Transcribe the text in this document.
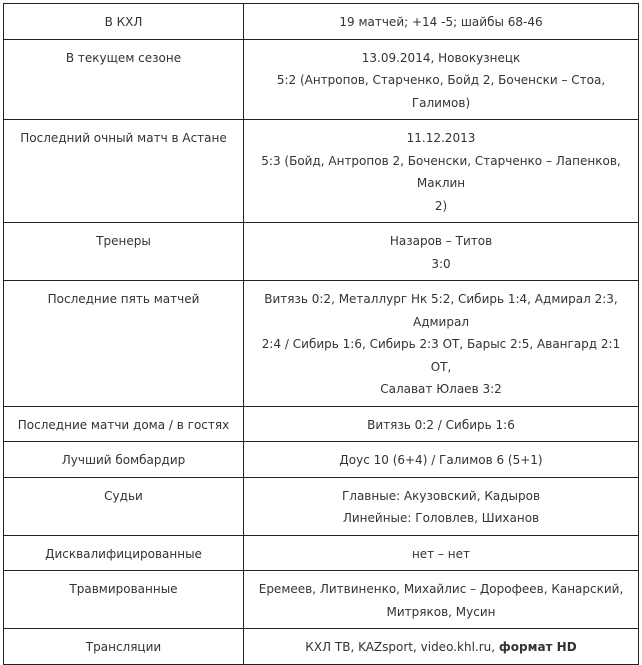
В КХЛ	19 матчей; +14 -5; шайбы 68-46

В текущем сезоне	13.09.2014, Новокузнецк
5:2 (Антропов, Старченко, Бойд 2, Боченски – Стоа, Галимов)

Последний очный матч в Астане	11.12.2013
5:3 (Бойд, Антропов 2, Боченски, Старченко – Лапенков, Маклин
2)

Тренеры	Назаров – Титов
3:0

Последние пять матчей	Витязь 0:2, Металлург Нк 5:2, Сибирь 1:4, Адмирал 2:3, Адмирал
2:4 / Сибирь 1:6, Сибирь 2:3 ОТ, Барыс 2:5, Авангард 2:1 ОТ,
Салават Юлаев 3:2

Последние матчи дома / в гостях	Витязь 0:2 / Сибирь 1:6

Лучший бомбардир	Доус 10 (6+4) / Галимов 6 (5+1)

Судьи	Главные: Акузовский, Кадыров
Линейные: Головлев, Шиханов

Дисквалифицированные	нет – нет

Травмированные	Еремеев, Литвиненко, Михайлис – Дорофеев, Канарский,
Митряков, Мусин

Трансляции	КХЛ ТВ, KAZsport, video.khl.ru, формат HD
